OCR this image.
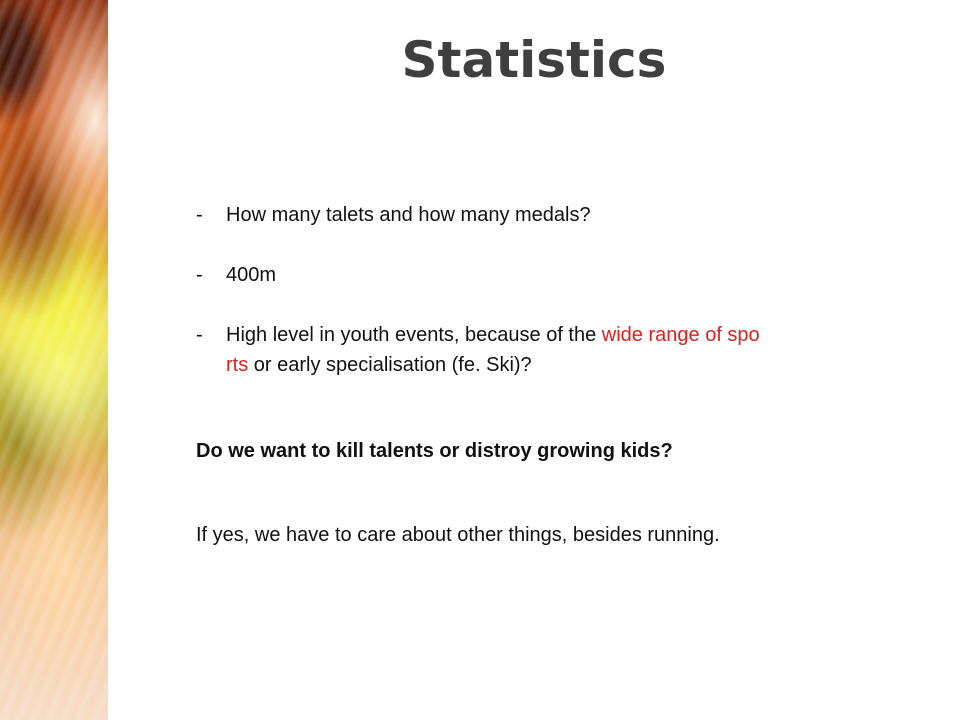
Statistics
-	How many talets and how many medals?
-	400m
-	High level in youth events, because of the wide range of spo
rts or early specialisation (fe. Ski)?
Do we want to kill talents or distroy growing kids?
If yes, we have to care about other things, besides running.
